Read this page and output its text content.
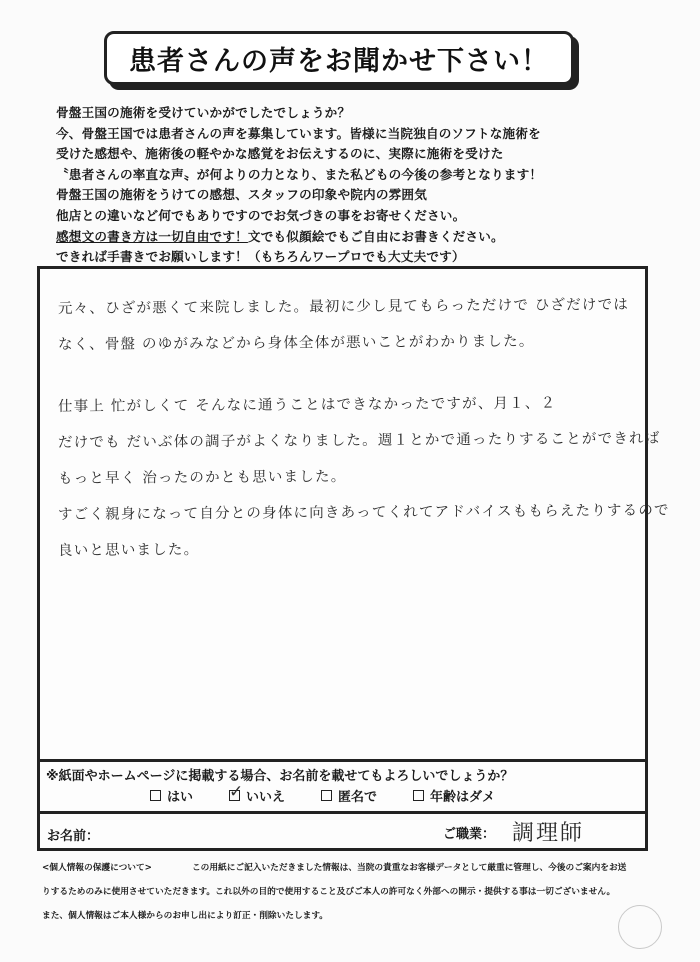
患者さんの声をお聞かせ下さい！
骨盤王国の施術を受けていかがでしたでしょうか？
今、骨盤王国では患者さんの声を募集しています。皆様に当院独自のソフトな施術を
受けた感想や、施術後の軽やかな感覚をお伝えするのに、実際に施術を受けた
〝患者さんの率直な声〟が何よりの力となり、また私どもの今後の参考となります！
骨盤王国の施術をうけての感想、スタッフの印象や院内の雰囲気
他店との違いなど何でもありですのでお気づきの事をお寄せください。
感想文の書き方は一切自由です！文でも似顔絵でもご自由にお書きください。
できれば手書きでお願いします！（もちろんワープロでも大丈夫です）
元々、ひざが悪くて来院しました。最初に少し見てもらっただけで ひざだけでは
なく、骨盤 のゆがみなどから身体全体が悪いことがわかりました。
仕事上 忙がしくて そんなに通うことはできなかったですが、月１、２
だけでも だいぶ体の調子がよくなりました。週１とかで通ったりすることができれば
もっと早く 治ったのかとも思いました。
すごく親身になって自分との身体に向きあってくれてアドバイスももらえたりするので
良いと思いました。
※紙面やホームページに掲載する場合、お名前を載せてもよろしいでしょうか？
はい
✓	いいえ	匿名で	年齢はダメ
お名前：	ご職業： 調理師
<個人情報の保護について>	この用紙にご記入いただきました情報は、当院の貴重なお客様データとして厳重に管理し、今後のご案内をお送
りするためのみに使用させていただきます。これ以外の目的で使用すること及びご本人の許可なく外部への開示・提供する事は一切ございません。
また、個人情報はご本人様からのお申し出により訂正・削除いたします。
